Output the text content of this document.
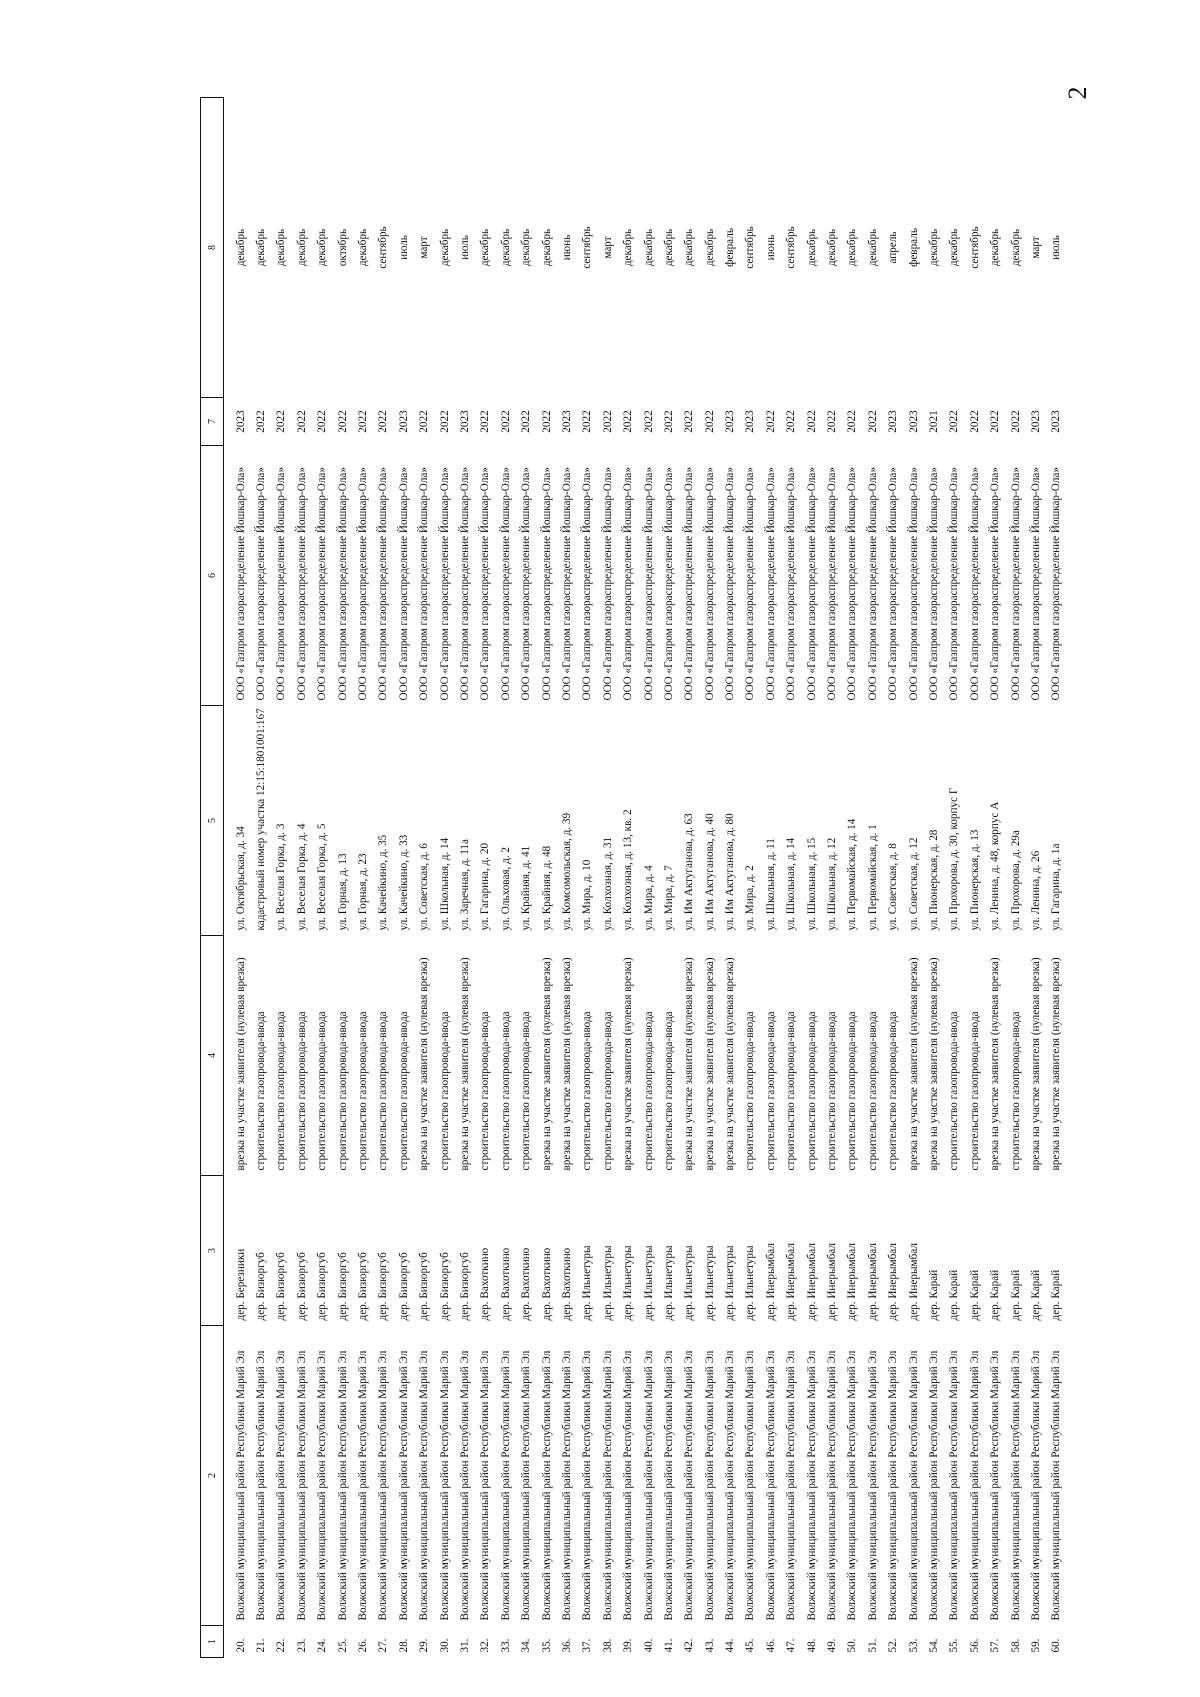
2
1	2	3	4	5	6	7	8
20.	Волжский муниципальный район Республики Марий Эл	дер. Березники	врезка на участке заявителя (нулевая врезка)	ул. Октябрьская, д. 34	ООО «Газпром газораспределение Йошкар-Ола»	2023	декабрь
21.	Волжский муниципальный район Республики Марий Эл	дер. Бизюргуб	строительство газопровода-ввода	кадастровый номер участка 12:15:1801001:167	ООО «Газпром газораспределение Йошкар-Ола»	2022	декабрь
22.	Волжский муниципальный район Республики Марий Эл	дер. Бизюргуб	строительство газопровода-ввода	ул. Веселая Горка, д. 3	ООО «Газпром газораспределение Йошкар-Ола»	2022	декабрь
23.	Волжский муниципальный район Республики Марий Эл	дер. Бизюргуб	строительство газопровода-ввода	ул. Веселая Горка, д. 4	ООО «Газпром газораспределение Йошкар-Ола»	2022	декабрь
24.	Волжский муниципальный район Республики Марий Эл	дер. Бизюргуб	строительство газопровода-ввода	ул. Веселая Горка, д. 5	ООО «Газпром газораспределение Йошкар-Ола»	2022	декабрь
25.	Волжский муниципальный район Республики Марий Эл	дер. Бизюргуб	строительство газопровода-ввода	ул. Горная, д. 13	ООО «Газпром газораспределение Йошкар-Ола»	2022	октябрь
26.	Волжский муниципальный район Республики Марий Эл	дер. Бизюргуб	строительство газопровода-ввода	ул. Горная, д. 23	ООО «Газпром газораспределение Йошкар-Ола»	2022	декабрь
27.	Волжский муниципальный район Республики Марий Эл	дер. Бизюргуб	строительство газопровода-ввода	ул. Качейкино, д. 35	ООО «Газпром газораспределение Йошкар-Ола»	2022	сентябрь
28.	Волжский муниципальный район Республики Марий Эл	дер. Бизюргуб	строительство газопровода-ввода	ул. Качейкино, д. 33	ООО «Газпром газораспределение Йошкар-Ола»	2023	июль
29.	Волжский муниципальный район Республики Марий Эл	дер. Бизюргуб	врезка на участке заявителя (нулевая врезка)	ул. Советская, д. 6	ООО «Газпром газораспределение Йошкар-Ола»	2022	март
30.	Волжский муниципальный район Республики Марий Эл	дер. Бизюргуб	строительство газопровода-ввода	ул. Школьная, д. 14	ООО «Газпром газораспределение Йошкар-Ола»	2022	декабрь
31.	Волжский муниципальный район Республики Марий Эл	дер. Бизюргуб	врезка на участке заявителя (нулевая врезка)	ул. Заречная, д. 11а	ООО «Газпром газораспределение Йошкар-Ола»	2023	июль
32.	Волжский муниципальный район Республики Марий Эл	дер. Вахоткино	строительство газопровода-ввода	ул. Гагарина, д. 20	ООО «Газпром газораспределение Йошкар-Ола»	2022	декабрь
33.	Волжский муниципальный район Республики Марий Эл	дер. Вахоткино	строительство газопровода-ввода	ул. Ольховая, д. 2	ООО «Газпром газораспределение Йошкар-Ола»	2022	декабрь
34.	Волжский муниципальный район Республики Марий Эл	дер. Вахоткино	строительство газопровода-ввода	ул. Крайняя, д. 41	ООО «Газпром газораспределение Йошкар-Ола»	2022	декабрь
35.	Волжский муниципальный район Республики Марий Эл	дер. Вахоткино	врезка на участке заявителя (нулевая врезка)	ул. Крайняя, д. 48	ООО «Газпром газораспределение Йошкар-Ола»	2022	декабрь
36.	Волжский муниципальный район Республики Марий Эл	дер. Вахоткино	врезка на участке заявителя (нулевая врезка)	ул. Комсомольская, д. 39	ООО «Газпром газораспределение Йошкар-Ола»	2023	июнь
37.	Волжский муниципальный район Республики Марий Эл	дер. Ильнетуры	строительство газопровода-ввода	ул. Мира, д. 10	ООО «Газпром газораспределение Йошкар-Ола»	2022	сентябрь
38.	Волжский муниципальный район Республики Марий Эл	дер. Ильнетуры	строительство газопровода-ввода	ул. Колхозная, д. 31	ООО «Газпром газораспределение Йошкар-Ола»	2022	март
39.	Волжский муниципальный район Республики Марий Эл	дер. Ильнетуры	врезка на участке заявителя (нулевая врезка)	ул. Колхозная, д. 13, кв. 2	ООО «Газпром газораспределение Йошкар-Ола»	2022	декабрь
40.	Волжский муниципальный район Республики Марий Эл	дер. Ильнетуры	строительство газопровода-ввода	ул. Мира, д. 4	ООО «Газпром газораспределение Йошкар-Ола»	2022	декабрь
41.	Волжский муниципальный район Республики Марий Эл	дер. Ильнетуры	строительство газопровода-ввода	ул. Мира, д. 7	ООО «Газпром газораспределение Йошкар-Ола»	2022	декабрь
42.	Волжский муниципальный район Республики Марий Эл	дер. Ильнетуры	врезка на участке заявителя (нулевая врезка)	ул. Им Актуганова, д. 63	ООО «Газпром газораспределение Йошкар-Ола»	2022	декабрь
43.	Волжский муниципальный район Республики Марий Эл	дер. Ильнетуры	врезка на участке заявителя (нулевая врезка)	ул. Им Актуганова, д. 40	ООО «Газпром газораспределение Йошкар-Ола»	2022	декабрь
44.	Волжский муниципальный район Республики Марий Эл	дер. Ильнетуры	врезка на участке заявителя (нулевая врезка)	ул. Им Актуганова, д. 80	ООО «Газпром газораспределение Йошкар-Ола»	2023	февраль
45.	Волжский муниципальный район Республики Марий Эл	дер. Ильнетуры	строительство газопровода-ввода	ул. Мира, д. 2	ООО «Газпром газораспределение Йошкар-Ола»	2023	сентябрь
46.	Волжский муниципальный район Республики Марий Эл	дер. Инерымбал	строительство газопровода-ввода	ул. Школьная, д. 11	ООО «Газпром газораспределение Йошкар-Ола»	2022	июнь
47.	Волжский муниципальный район Республики Марий Эл	дер. Инерымбал	строительство газопровода-ввода	ул. Школьная, д. 14	ООО «Газпром газораспределение Йошкар-Ола»	2022	сентябрь
48.	Волжский муниципальный район Республики Марий Эл	дер. Инерымбал	строительство газопровода-ввода	ул. Школьная, д. 15	ООО «Газпром газораспределение Йошкар-Ола»	2022	декабрь
49.	Волжский муниципальный район Республики Марий Эл	дер. Инерымбал	строительство газопровода-ввода	ул. Школьная, д. 12	ООО «Газпром газораспределение Йошкар-Ола»	2022	декабрь
50.	Волжский муниципальный район Республики Марий Эл	дер. Инерымбал	строительство газопровода-ввода	ул. Первомайская, д. 14	ООО «Газпром газораспределение Йошкар-Ола»	2022	декабрь
51.	Волжский муниципальный район Республики Марий Эл	дер. Инерымбал	строительство газопровода-ввода	ул. Первомайская, д. 1	ООО «Газпром газораспределение Йошкар-Ола»	2022	декабрь
52.	Волжский муниципальный район Республики Марий Эл	дер. Инерымбал	строительство газопровода-ввода	ул. Советская, д. 8	ООО «Газпром газораспределение Йошкар-Ола»	2023	апрель
53.	Волжский муниципальный район Республики Марий Эл	дер. Инерымбал	врезка на участке заявителя (нулевая врезка)	ул. Советская, д. 12	ООО «Газпром газораспределение Йошкар-Ола»	2023	февраль
54.	Волжский муниципальный район Республики Марий Эл	дер. Карай	врезка на участке заявителя (нулевая врезка)	ул. Пионерская, д. 28	ООО «Газпром газораспределение Йошкар-Ола»	2021	декабрь
55.	Волжский муниципальный район Республики Марий Эл	дер. Карай	строительство газопровода-ввода	ул. Прохорова, д. 30, корпус Г	ООО «Газпром газораспределение Йошкар-Ола»	2022	декабрь
56.	Волжский муниципальный район Республики Марий Эл	дер. Карай	строительство газопровода-ввода	ул. Пионерская, д. 13	ООО «Газпром газораспределение Йошкар-Ола»	2022	сентябрь
57.	Волжский муниципальный район Республики Марий Эл	дер. Карай	врезка на участке заявителя (нулевая врезка)	ул. Ленина, д. 48, корпус А	ООО «Газпром газораспределение Йошкар-Ола»	2022	декабрь
58.	Волжский муниципальный район Республики Марий Эл	дер. Карай	строительство газопровода-ввода	ул. Прохорова, д. 29а	ООО «Газпром газораспределение Йошкар-Ола»	2022	декабрь
59.	Волжский муниципальный район Республики Марий Эл	дер. Карай	врезка на участке заявителя (нулевая врезка)	ул. Ленина, д. 26	ООО «Газпром газораспределение Йошкар-Ола»	2023	март
60.	Волжский муниципальный район Республики Марий Эл	дер. Карай	врезка на участке заявителя (нулевая врезка)	ул. Гагарина, д. 1а	ООО «Газпром газораспределение Йошкар-Ола»	2023	июль
